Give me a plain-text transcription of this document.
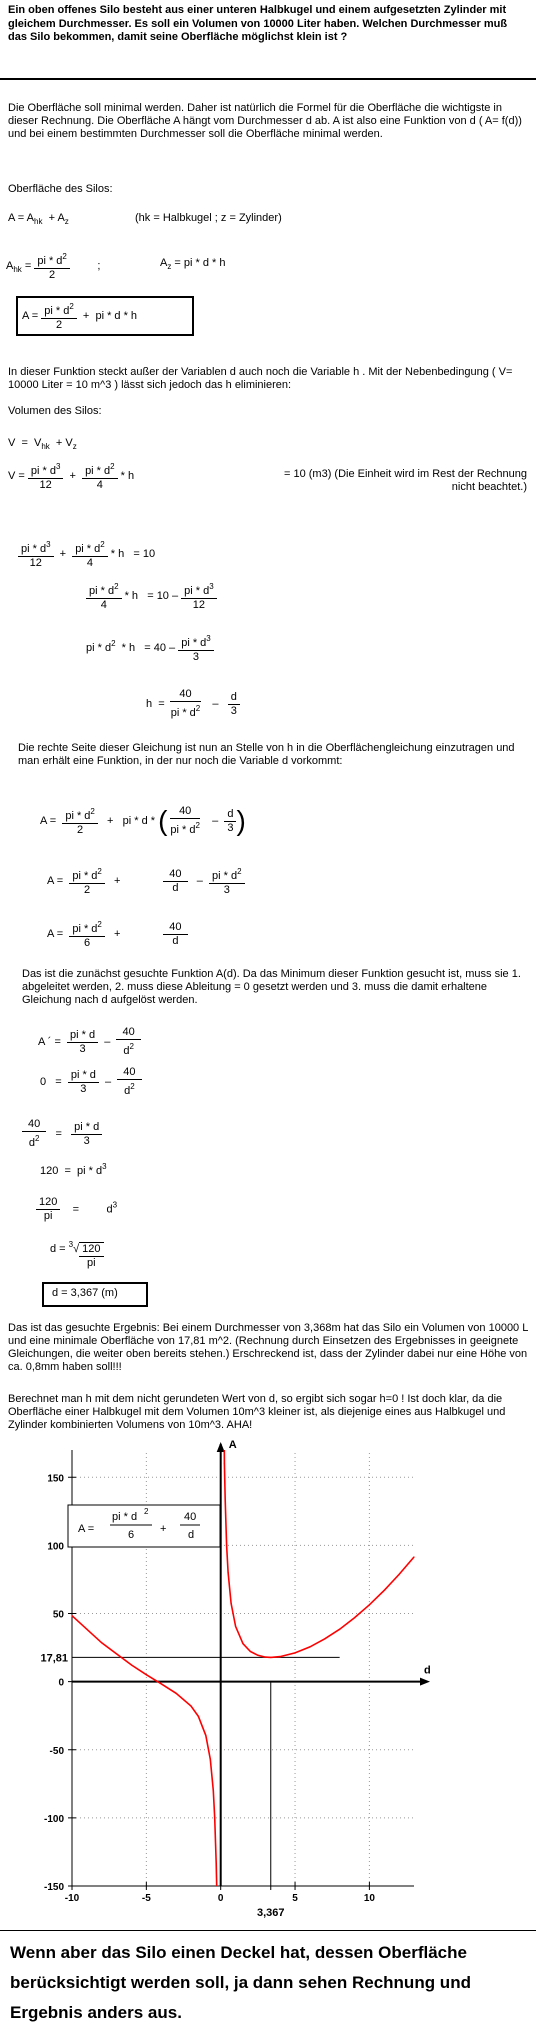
Ein oben offenes Silo besteht aus einer unteren Halbkugel und einem aufgesetzten Zylinder mit gleichem Durchmesser. Es soll ein Volumen von 10000 Liter haben. Welchen Durchmesser muß das Silo bekommen, damit seine Oberfläche möglichst klein ist ?
Die Oberfläche soll minimal werden. Daher ist natürlich die Formel für die Oberfläche die wichtigste in dieser Rechnung. Die Oberfläche A hängt vom Durchmesser d ab. A ist also eine Funktion von d ( A= f(d)) und bei einem bestimmten Durchmesser soll die Oberfläche minimal werden.
Oberfläche des Silos:
$A = A_{hk} + A_z$	(hk = Halbkugel ; z = Zylinder)
$A_{hk} = \frac{pi * d^2}{2}$ ;	$A_z$ = pi * d * h
$A = \frac{pi * d^2}{2}$ +  pi * d * h
In dieser Funktion steckt außer der Variablen d auch noch die Variable h . Mit der Nebenbedingung ( V= 10000 Liter = 10 m^3 ) lässt sich jedoch das h eliminieren:
Volumen des Silos:
$V = V_{hk} + V_z$
$V = \frac{pi * d^3}{12} + \frac{pi * d^2}{4} * h$	= 10 (m3) (Die Einheit wird im Rest der Rechnung nicht beachtet.)
$\frac{pi * d^3}{12} + \frac{pi * d^2}{4} * h = 10$
$\frac{pi * d^2}{4} * h = 10 - \frac{pi * d^3}{12}$
pi * $d^2 * h = 40 - \frac{pi * d^3}{3}$
$h = \frac{40}{pi * d^2} - \frac{d}{3}$
Die rechte Seite dieser Gleichung ist nun an Stelle von h in die Oberflächengleichung einzutragen und man erhält eine Funktion, in der nur noch die Variable d vorkommt:
$A = \frac{pi * d^2}{2}$ +   pi * d * ( $\frac{40}{pi * d^2} - \frac{d}{3}$ )
$A = \frac{pi * d^2}{2} + \frac{40}{d} - \frac{pi * d^2}{3}$
$A = \frac{pi * d^2}{6} + \frac{40}{d}$
Das ist die zunächst gesuchte Funktion A(d). Da das Minimum dieser Funktion gesucht ist, muss sie 1. abgeleitet werden, 2. muss diese Ableitung = 0 gesetzt werden und 3. muss die damit erhaltene Gleichung nach d aufgelöst werden.
A ´ = $\frac{pi * d}{3} - \frac{40}{d^2}$
$0 = \frac{pi * d}{3} - \frac{40}{d^2}$
$\frac{40}{d^2} = \frac{pi * d}{3}$
120  =  pi * $d^3$
$\frac{120}{pi}$ =         $d^3$
$d = ^3√ \frac{120}{pi}$
d = 3,367 (m)
Das ist das gesuchte Ergebnis: Bei einem Durchmesser von 3,368m hat das Silo ein Volumen von 10000 L und eine minimale Oberfläche von 17,81 m^2. (Rechnung durch Einsetzen des Ergebnisses in geeignete Gleichungen, die weiter oben bereits stehen.) Erschreckend ist, dass der Zylinder dabei nur eine Höhe von ca. 0,8mm haben soll!!!
Berechnet man h mit dem nicht gerundeten Wert von d, so ergibt sich sogar h=0 ! Ist doch klar, da die Oberfläche einer Halbkugel mit dem Volumen 10m^3 kleiner ist, als diejenige eines aus Halbkugel und Zylinder kombinierten Volumens von 10m^3. AHA!
150
100
50
0
-50
-100
-150
-10	-5	0	5	10
A
d
17,81
3,367
A =
pi * d 2
6 +
40
d
Wenn aber das Silo einen Deckel hat, dessen Oberfläche berücksichtigt werden soll, ja dann sehen Rechnung und Ergebnis anders aus.
